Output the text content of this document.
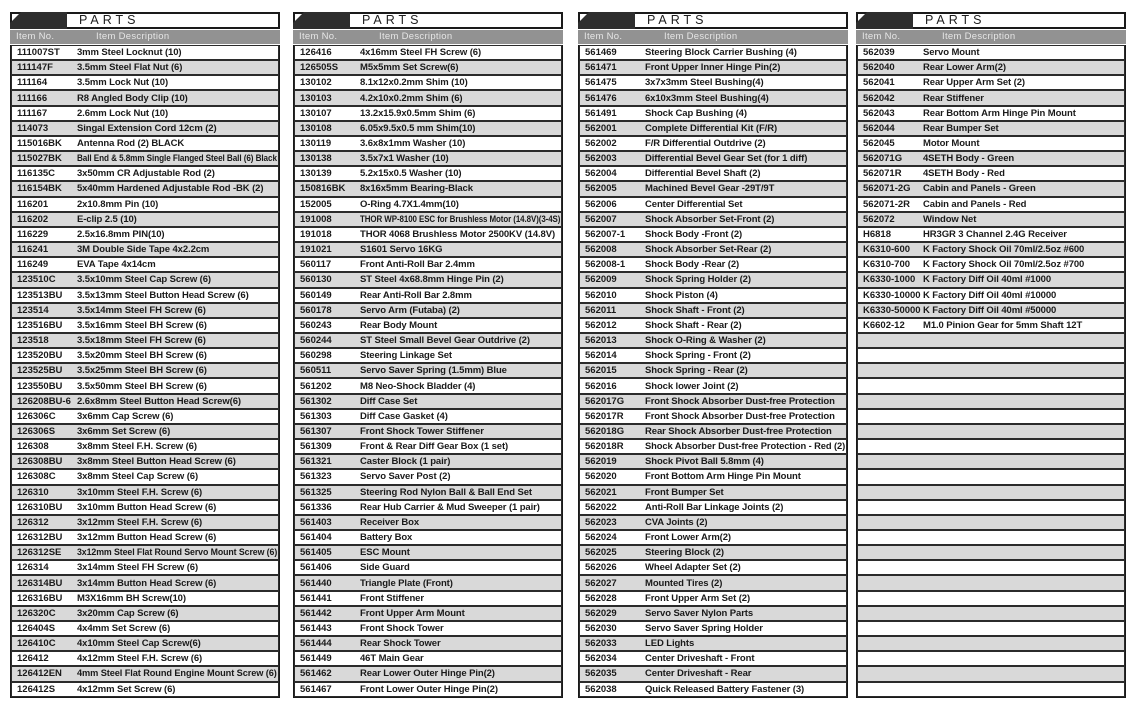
PARTS
Item No.	Item Description
111007ST	3mm Steel Locknut (10)
111147F	3.5mm Steel Flat Nut (6)
111164	3.5mm Lock Nut (10)
111166	R8 Angled Body Clip (10)
111167	2.6mm Lock Nut (10)
114073	Singal Extension Cord 12cm (2)
115016BK	Antenna Rod (2) BLACK
115027BK	Ball End & 5.8mm Single Flanged Steel Ball (6) Black
116135C	3x50mm CR Adjustable Rod (2)
116154BK	5x40mm Hardened Adjustable Rod -BK (2)
116201	2x10.8mm Pin (10)
116202	E-clip 2.5 (10)
116229	2.5x16.8mm PIN(10)
116241	3M Double Side Tape 4x2.2cm
116249	EVA Tape 4x14cm
123510C	3.5x10mm Steel Cap Screw (6)
123513BU	3.5x13mm Steel Button Head Screw (6)
123514	3.5x14mm Steel FH Screw (6)
123516BU	3.5x16mm Steel BH Screw (6)
123518	3.5x18mm Steel FH Screw (6)
123520BU	3.5x20mm Steel BH Screw (6)
123525BU	3.5x25mm Steel BH Screw (6)
123550BU	3.5x50mm Steel BH Screw (6)
126208BU-6 2.6x8mm Steel Button Head Screw(6)
126306C	3x6mm Cap Screw (6)
126306S	3x6mm Set Screw (6)
126308	3x8mm Steel F.H. Screw (6)
126308BU	3x8mm Steel Button Head Screw (6)
126308C	3x8mm Steel Cap Screw (6)
126310	3x10mm Steel F.H. Screw (6)
126310BU	3x10mm Button Head Screw (6)
126312	3x12mm Steel F.H. Screw (6)
126312BU	3x12mm Button Head Screw (6)
126312SE	3x12mm Steel Flat Round Servo Mount Screw (6)
126314	3x14mm Steel FH Screw (6)
126314BU	3x14mm Button Head Screw (6)
126316BU	M3X16mm BH Screw(10)
126320C	3x20mm Cap Screw (6)
126404S	4x4mm Set Screw (6)
126410C	4x10mm Steel Cap Screw(6)
126412	4x12mm Steel F.H. Screw (6)
126412EN	4mm Steel Flat Round Engine Mount Screw (6)
126412S	4x12mm Set Screw (6)
PARTS
Item No.	Item Description
126416	4x16mm Steel FH Screw (6)
126505S	M5x5mm Set Screw(6)
130102	8.1x12x0.2mm Shim (10)
130103	4.2x10x0.2mm Shim (6)
130107	13.2x15.9x0.5mm Shim (6)
130108	6.05x9.5x0.5 mm Shim(10)
130119	3.6x8x1mm Washer (10)
130138	3.5x7x1 Washer (10)
130139	5.2x15x0.5 Washer (10)
150816BK	8x16x5mm Bearing-Black
152005	O-Ring 4.7X1.4mm(10)
191008	THOR WP-8100 ESC for Brushless Motor (14.8V)(3-4S)
191018	THOR 4068 Brushless Motor 2500KV (14.8V)
191021	S1601 Servo 16KG
560117	Front Anti-Roll Bar 2.4mm
560130	ST Steel 4x68.8mm Hinge Pin (2)
560149	Rear Anti-Roll Bar 2.8mm
560178	Servo Arm (Futaba) (2)
560243	Rear Body Mount
560244	ST Steel Small Bevel Gear Outdrive (2)
560298	Steering Linkage Set
560511	Servo Saver Spring (1.5mm) Blue
561202	M8 Neo-Shock Bladder (4)
561302	Diff Case Set
561303	Diff Case Gasket (4)
561307	Front Shock Tower Stiffener
561309	Front & Rear Diff Gear Box (1 set)
561321	Caster Block (1 pair)
561323	Servo Saver Post (2)
561325	Steering Rod Nylon Ball & Ball End Set
561336	Rear Hub Carrier & Mud Sweeper (1 pair)
561403	Receiver Box
561404	Battery Box
561405	ESC Mount
561406	Side Guard
561440	Triangle Plate (Front)
561441	Front Stiffener
561442	Front Upper Arm Mount
561443	Front Shock Tower
561444	Rear Shock Tower
561449	46T Main Gear
561462	Rear Lower Outer Hinge Pin(2)
561467	Front Lower Outer Hinge Pin(2)
PARTS
Item No.	Item Description
561469	Steering Block Carrier Bushing (4)
561471	Front Upper Inner Hinge Pin(2)
561475	3x7x3mm Steel Bushing(4)
561476	6x10x3mm Steel Bushing(4)
561491	Shock Cap Bushing (4)
562001	Complete Differential Kit (F/R)
562002	F/R Differential Outdrive (2)
562003	Differential Bevel Gear Set (for 1 diff)
562004	Differential Bevel Shaft (2)
562005	Machined Bevel Gear -29T/9T
562006	Center Differential Set
562007	Shock Absorber Set-Front (2)
562007-1	Shock Body -Front (2)
562008	Shock Absorber Set-Rear (2)
562008-1	Shock Body -Rear (2)
562009	Shock Spring Holder (2)
562010	Shock Piston (4)
562011	Shock Shaft - Front (2)
562012	Shock Shaft - Rear (2)
562013	Shock O-Ring & Washer (2)
562014	Shock Spring - Front (2)
562015	Shock Spring - Rear (2)
562016	Shock lower Joint (2)
562017G	Front Shock Absorber Dust-free Protection
562017R	Front Shock Absorber Dust-free Protection
562018G	Rear Shock Absorber Dust-free Protection
562018R	Shock Absorber Dust-free Protection - Red (2)
562019	Shock Pivot Ball 5.8mm (4)
562020	Front Bottom Arm Hinge Pin Mount
562021	Front Bumper Set
562022	Anti-Roll Bar Linkage Joints (2)
562023	CVA Joints (2)
562024	Front Lower Arm(2)
562025	Steering Block (2)
562026	Wheel Adapter Set (2)
562027	Mounted Tires (2)
562028	Front Upper Arm Set (2)
562029	Servo Saver Nylon Parts
562030	Servo Saver Spring Holder
562033	LED Lights
562034	Center Driveshaft - Front
562035	Center Driveshaft - Rear
562038	Quick Released Battery Fastener (3)
PARTS
Item No.	Item Description
562039	Servo Mount
562040	Rear Lower Arm(2)
562041	Rear Upper Arm Set (2)
562042	Rear Stiffener
562043	Rear Bottom Arm Hinge Pin Mount
562044	Rear Bumper Set
562045	Motor Mount
562071G	4SETH Body - Green
562071R	4SETH Body - Red
562071-2G	Cabin and Panels - Green
562071-2R	Cabin and Panels - Red
562072	Window Net
H6818	HR3GR 3 Channel 2.4G Receiver
K6310-600	K Factory Shock Oil 70ml/2.5oz #600
K6310-700	K Factory Shock Oil 70ml/2.5oz #700
K6330-1000 K Factory Diff Oil 40ml #1000
K6330-10000 K Factory Diff Oil 40ml #10000
K6330-50000 K Factory Diff Oil 40ml #50000
K6602-12	M1.0 Pinion Gear for 5mm Shaft 12T
